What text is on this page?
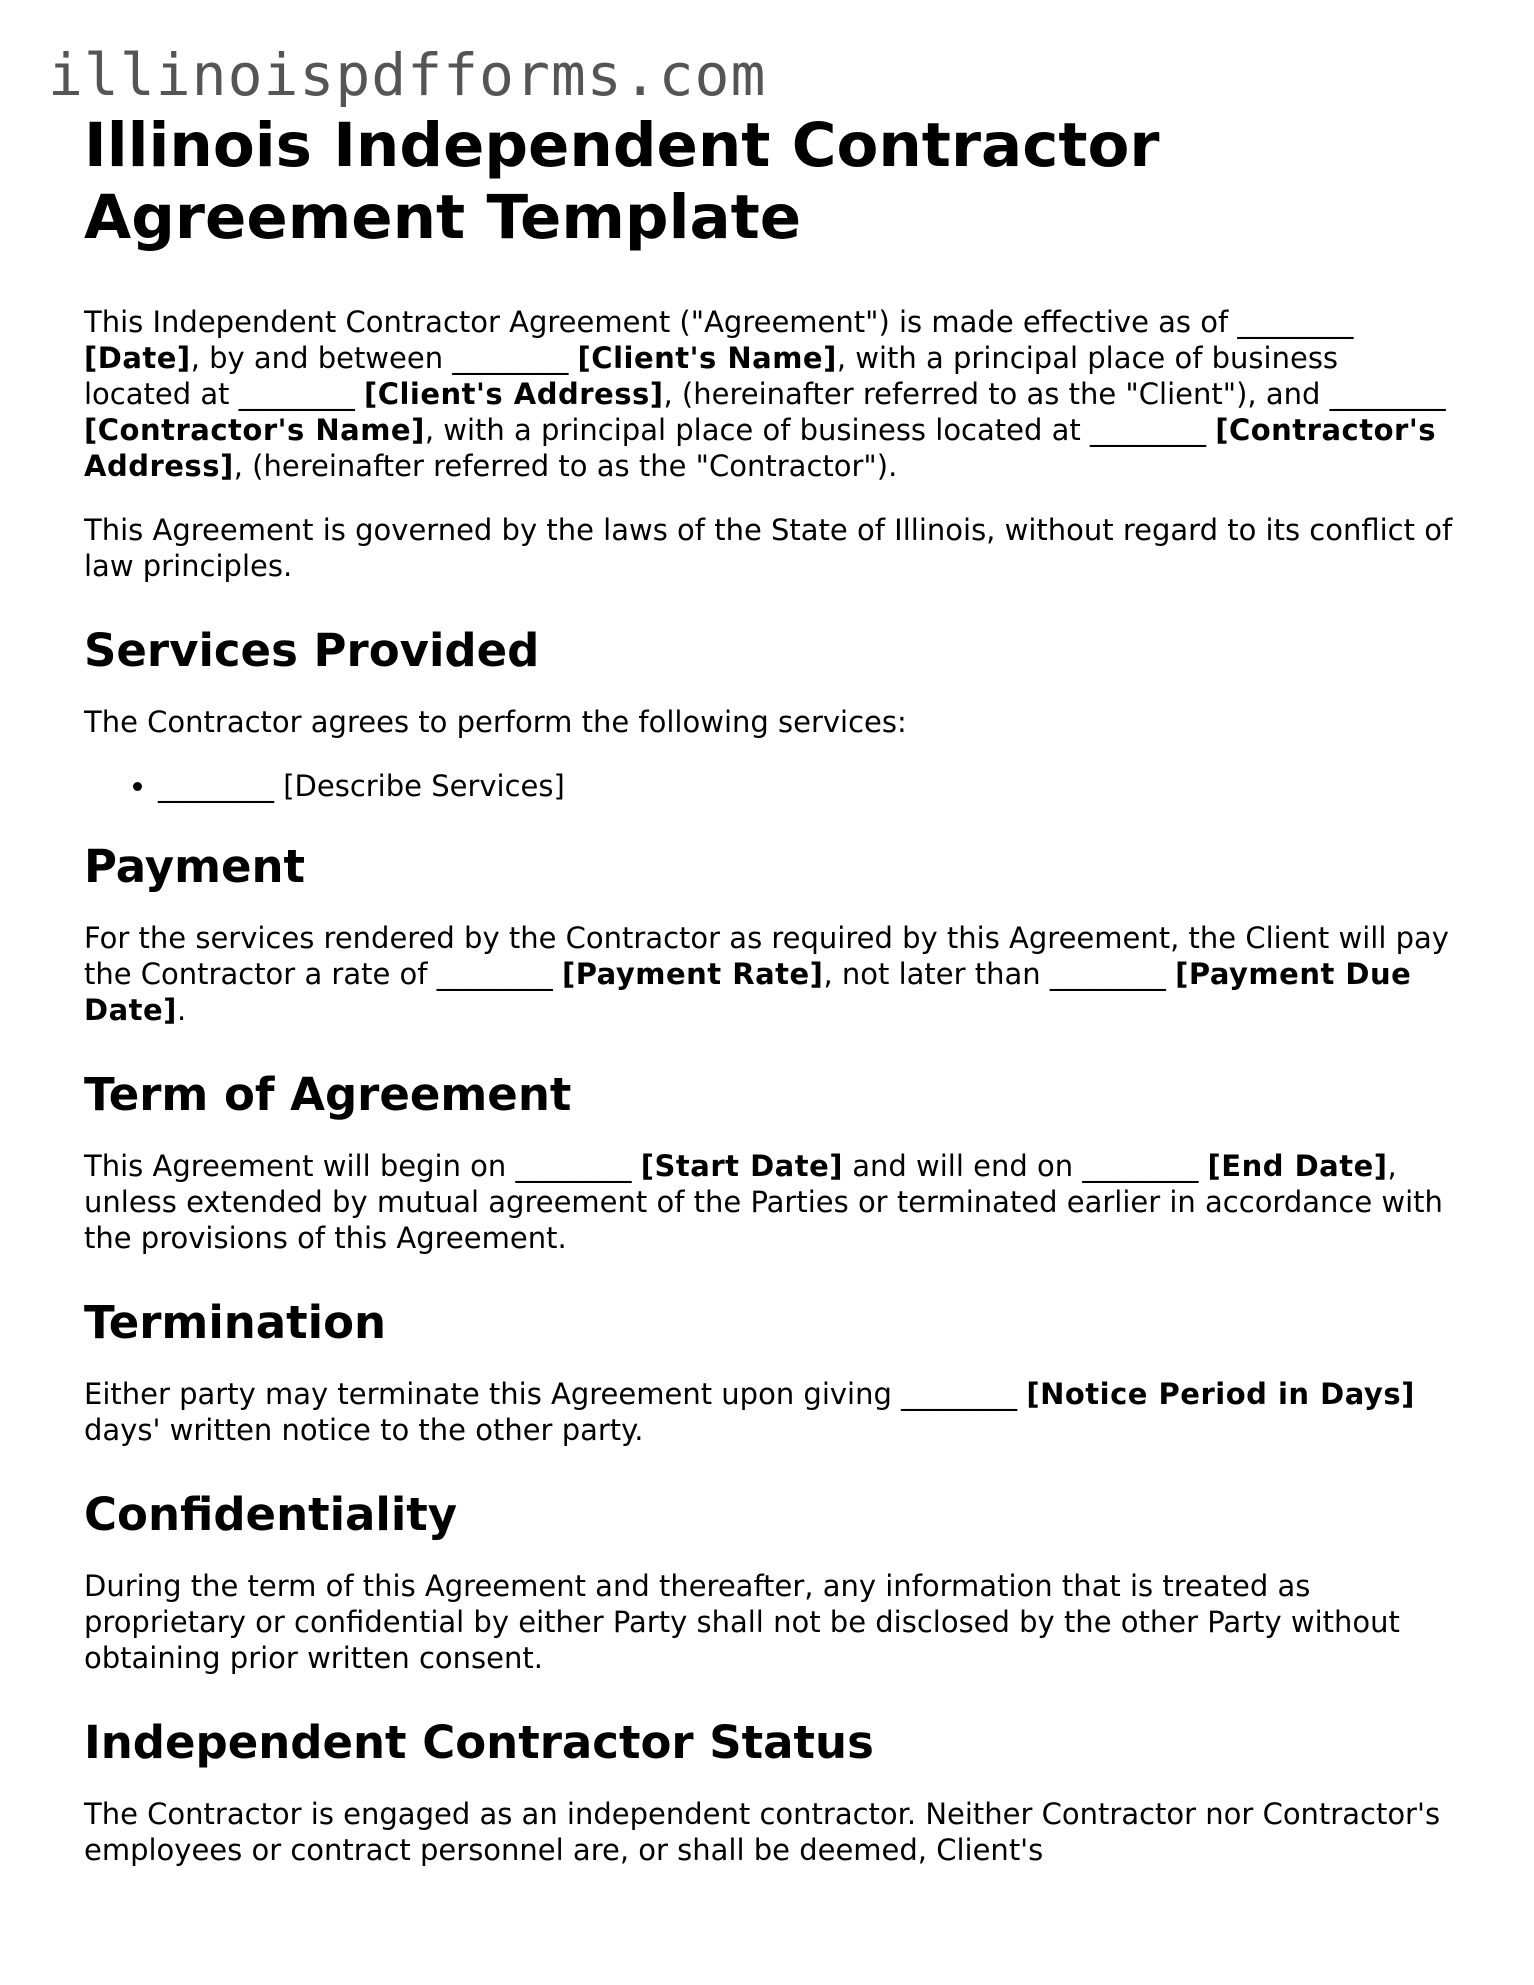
illinoispdfforms.com
Illinois Independent Contractor Agreement Template

This Independent Contractor Agreement ("Agreement") is made effective as of ________ [Date], by and between ________ [Client's Name], with a principal place of business located at ________ [Client's Address], (hereinafter referred to as the "Client"), and ________ [Contractor's Name], with a principal place of business located at ________ [Contractor's Address], (hereinafter referred to as the "Contractor").

This Agreement is governed by the laws of the State of Illinois, without regard to its conflict of law principles.

Services Provided

The Contractor agrees to perform the following services:

• ________ [Describe Services]
Payment

For the services rendered by the Contractor as required by this Agreement, the Client will pay the Contractor a rate of ________ [Payment Rate], not later than ________ [Payment Due Date].

Term of Agreement

This Agreement will begin on ________ [Start Date] and will end on ________ [End Date], unless extended by mutual agreement of the Parties or terminated earlier in accordance with the provisions of this Agreement.

Termination

Either party may terminate this Agreement upon giving ________ [Notice Period in Days] days' written notice to the other party.

Confidentiality

During the term of this Agreement and thereafter, any information that is treated as proprietary or confidential by either Party shall not be disclosed by the other Party without obtaining prior written consent.

Independent Contractor Status

The Contractor is engaged as an independent contractor. Neither Contractor nor Contractor's employees or contract personnel are, or shall be deemed, Client's
